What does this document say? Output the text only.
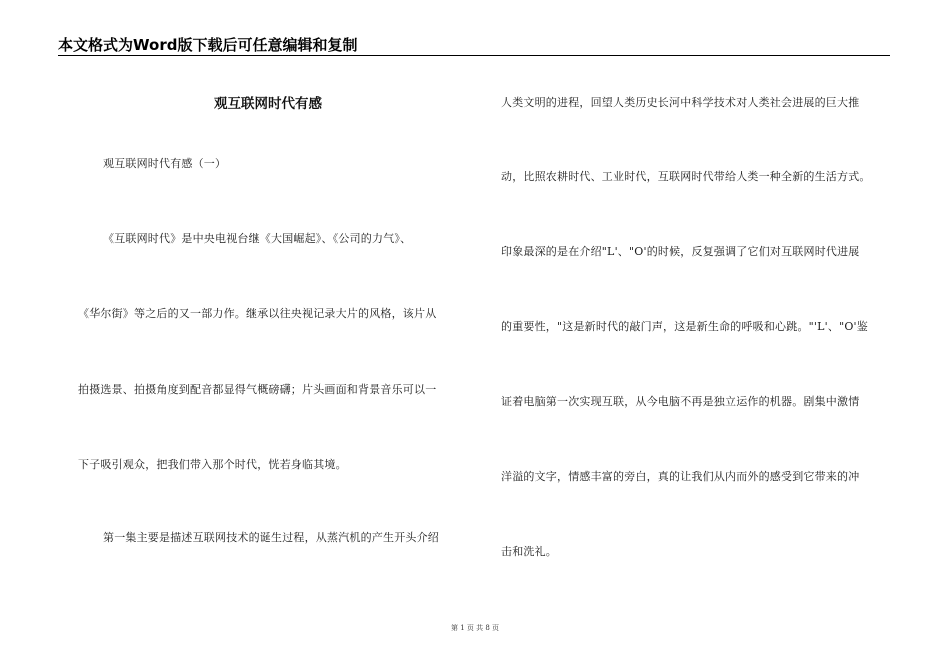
本文格式为Word版下载后可任意编辑和复制
观互联网时代有感
观互联网时代有感（一）
《互联网时代》是中央电视台继《大国崛起》、《公司的力气》、
《华尔街》等之后的又一部力作。继承以往央视记录大片的风格，该片从
拍摄选景、拍摄角度到配音都显得气概磅礴；片头画面和背景音乐可以一
下子吸引观众，把我们带入那个时代，恍若身临其境。
第一集主要是描述互联网技术的诞生过程，从蒸汽机的产生开头介绍
人类文明的进程，回望人类历史长河中科学技术对人类社会进展的巨大推
动，比照农耕时代、工业时代，互联网时代带给人类一种全新的生活方式。
印象最深的是在介绍"L'、"O'的时候，反复强调了它们对互联网时代进展
的重要性，"这是新时代的敲门声，这是新生命的呼吸和心跳。"'L'、"O'鉴
证着电脑第一次实现互联，从今电脑不再是独立运作的机器。剧集中激情
洋溢的文字，情感丰富的旁白，真的让我们从内而外的感受到它带来的冲
击和洗礼。
第 1 页 共 8 页
